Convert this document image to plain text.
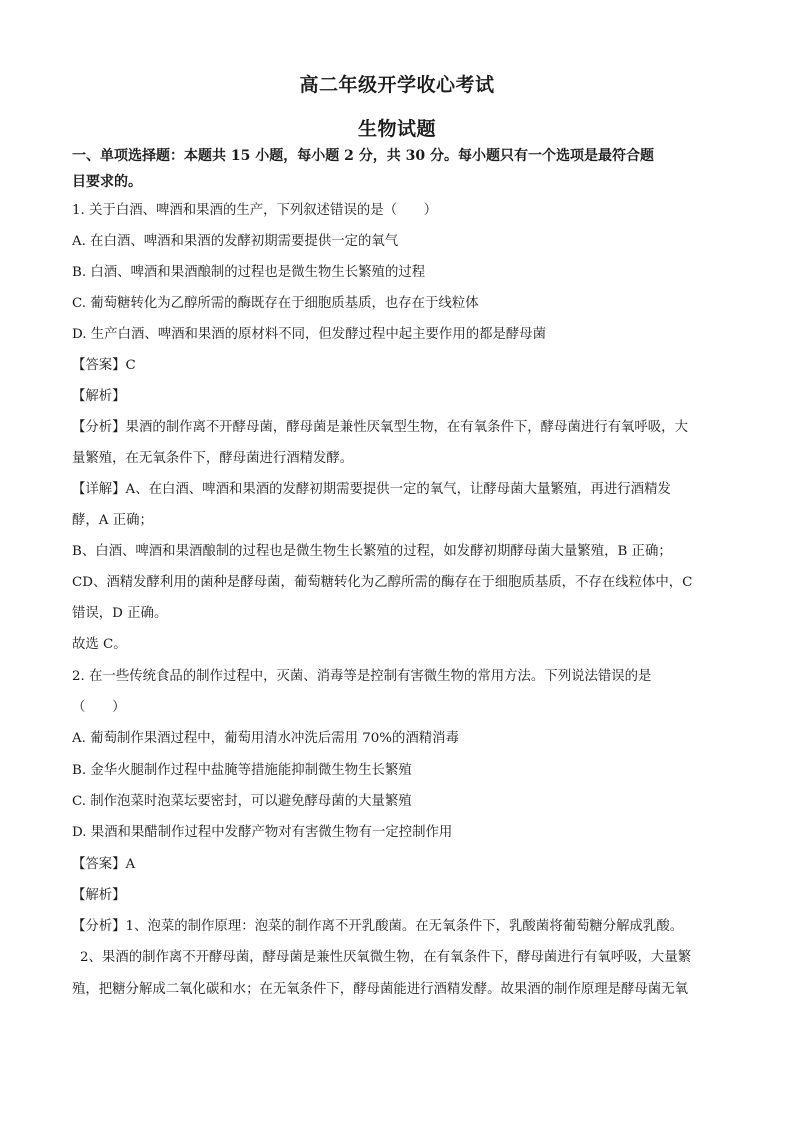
高二年级开学收心考试
生物试题
一、单项选择题：本题共 15 小题，每小题 2 分，共 30 分。每小题只有一个选项是最符合题
目要求的。
1. 关于白酒、啤酒和果酒的生产，下列叙述错误的是（　　）
A. 在白酒、啤酒和果酒的发酵初期需要提供一定的氧气
B. 白酒、啤酒和果酒酿制的过程也是微生物生长繁殖的过程
C. 葡萄糖转化为乙醇所需的酶既存在于细胞质基质，也存在于线粒体
D. 生产白酒、啤酒和果酒的原材料不同，但发酵过程中起主要作用的都是酵母菌
【答案】C
【解析】
【分析】果酒的制作离不开酵母菌，酵母菌是兼性厌氧型生物，在有氧条件下，酵母菌进行有氧呼吸，大
量繁殖，在无氧条件下，酵母菌进行酒精发酵。
【详解】A、在白酒、啤酒和果酒的发酵初期需要提供一定的氧气，让酵母菌大量繁殖，再进行酒精发
酵，A 正确；
B、白酒、啤酒和果酒酿制的过程也是微生物生长繁殖的过程，如发酵初期酵母菌大量繁殖，B 正确；
CD、酒精发酵利用的菌种是酵母菌，葡萄糖转化为乙醇所需的酶存在于细胞质基质，不存在线粒体中，C
错误，D 正确。
故选 C。
2. 在一些传统食品的制作过程中，灭菌、消毒等是控制有害微生物的常用方法。下列说法错误的是
（　　）
A. 葡萄制作果酒过程中，葡萄用清水冲洗后需用 70%的酒精消毒
B. 金华火腿制作过程中盐腌等措施能抑制微生物生长繁殖
C. 制作泡菜时泡菜坛要密封，可以避免酵母菌的大量繁殖
D. 果酒和果醋制作过程中发酵产物对有害微生物有一定控制作用
【答案】A
【解析】
【分析】1、泡菜的制作原理：泡菜的制作离不开乳酸菌。在无氧条件下，乳酸菌将葡萄糖分解成乳酸。
2、果酒的制作离不开酵母菌，酵母菌是兼性厌氧微生物，在有氧条件下，酵母菌进行有氧呼吸，大量繁
殖，把糖分解成二氧化碳和水；在无氧条件下，酵母菌能进行酒精发酵。故果酒的制作原理是酵母菌无氧
